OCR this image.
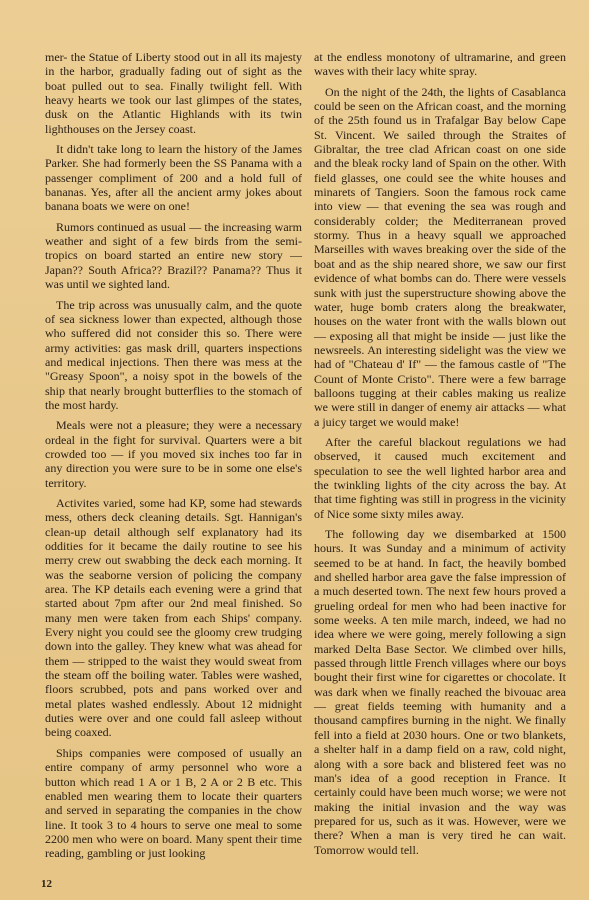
mer- the Statue of Liberty stood out in all its majesty in the harbor, gradually fading out of sight as the boat pulled out to sea. Finally twilight fell. With heavy hearts we took our last glimpes of the states, dusk on the Atlantic Highlands with its twin lighthouses on the Jersey coast.

It didn't take long to learn the history of the James Parker. She had formerly been the SS Panama with a passenger compliment of 200 and a hold full of bananas. Yes, after all the ancient army jokes about banana boats we were on one!

Rumors continued as usual — the increasing warm weather and sight of a few birds from the semi-tropics on board started an entire new story — Japan?? South Africa?? Brazil?? Panama?? Thus it was until we sighted land.

The trip across was unusually calm, and the quote of sea sickness lower than expected, although those who suffered did not consider this so. There were army activities: gas mask drill, quarters inspections and medical injections. Then there was mess at the "Greasy Spoon", a noisy spot in the bowels of the ship that nearly brought butterflies to the stomach of the most hardy.

Meals were not a pleasure; they were a necessary ordeal in the fight for survival. Quarters were a bit crowded too — if you moved six inches too far in any direction you were sure to be in some one else's territory.

Activites varied, some had KP, some had stewards mess, others deck cleaning details. Sgt. Hannigan's clean-up detail although self explanatory had its oddities for it became the daily routine to see his merry crew out swabbing the deck each morning. It was the seaborne version of policing the company area. The KP details each evening were a grind that started about 7pm after our 2nd meal finished. So many men were taken from each Ships' company. Every night you could see the gloomy crew trudging down into the galley. They knew what was ahead for them — stripped to the waist they would sweat from the steam off the boiling water. Tables were washed, floors scrubbed, pots and pans worked over and metal plates washed endlessly. About 12 midnight duties were over and one could fall asleep without being coaxed.

Ships companies were composed of usually an entire company of army personnel who wore a button which read 1 A or 1 B, 2 A or 2 B etc. This enabled men wearing them to locate their quarters and served in separating the companies in the chow line. It took 3 to 4 hours to serve one meal to some 2200 men who were on board. Many spent their time reading, gambling or just looking

at the endless monotony of ultramarine, and green waves with their lacy white spray.

On the night of the 24th, the lights of Casablanca could be seen on the African coast, and the morning of the 25th found us in Trafalgar Bay below Cape St. Vincent. We sailed through the Straites of Gibraltar, the tree clad African coast on one side and the bleak rocky land of Spain on the other. With field glasses, one could see the white houses and minarets of Tangiers. Soon the famous rock came into view — that evening the sea was rough and considerably colder; the Mediterranean proved stormy. Thus in a heavy squall we approached Marseilles with waves breaking over the side of the boat and as the ship neared shore, we saw our first evidence of what bombs can do. There were vessels sunk with just the superstructure showing above the water, huge bomb craters along the breakwater, houses on the water front with the walls blown out — exposing all that might be inside — just like the newsreels. An interesting sidelight was the view we had of "Chateau d' If" — the famous castle of "The Count of Monte Cristo". There were a few barrage balloons tugging at their cables making us realize we were still in danger of enemy air attacks — what a juicy target we would make!

After the careful blackout regulations we had observed, it caused much excitement and speculation to see the well lighted harbor area and the twinkling lights of the city across the bay. At that time fighting was still in progress in the vicinity of Nice some sixty miles away.

The following day we disembarked at 1500 hours. It was Sunday and a minimum of activity seemed to be at hand. In fact, the heavily bombed and shelled harbor area gave the false impression of a much deserted town. The next few hours proved a grueling ordeal for men who had been inactive for some weeks. A ten mile march, indeed, we had no idea where we were going, merely following a sign marked Delta Base Sector. We climbed over hills, passed through little French villages where our boys bought their first wine for cigarettes or chocolate. It was dark when we finally reached the bivouac area — great fields teeming with humanity and a thousand campfires burning in the night. We finally fell into a field at 2030 hours. One or two blankets, a shelter half in a damp field on a raw, cold night, along with a sore back and blistered feet was no man's idea of a good reception in France. It certainly could have been much worse; we were not making the initial invasion and the way was prepared for us, such as it was. However, were we there? When a man is very tired he can wait. Tomorrow would tell.

12
